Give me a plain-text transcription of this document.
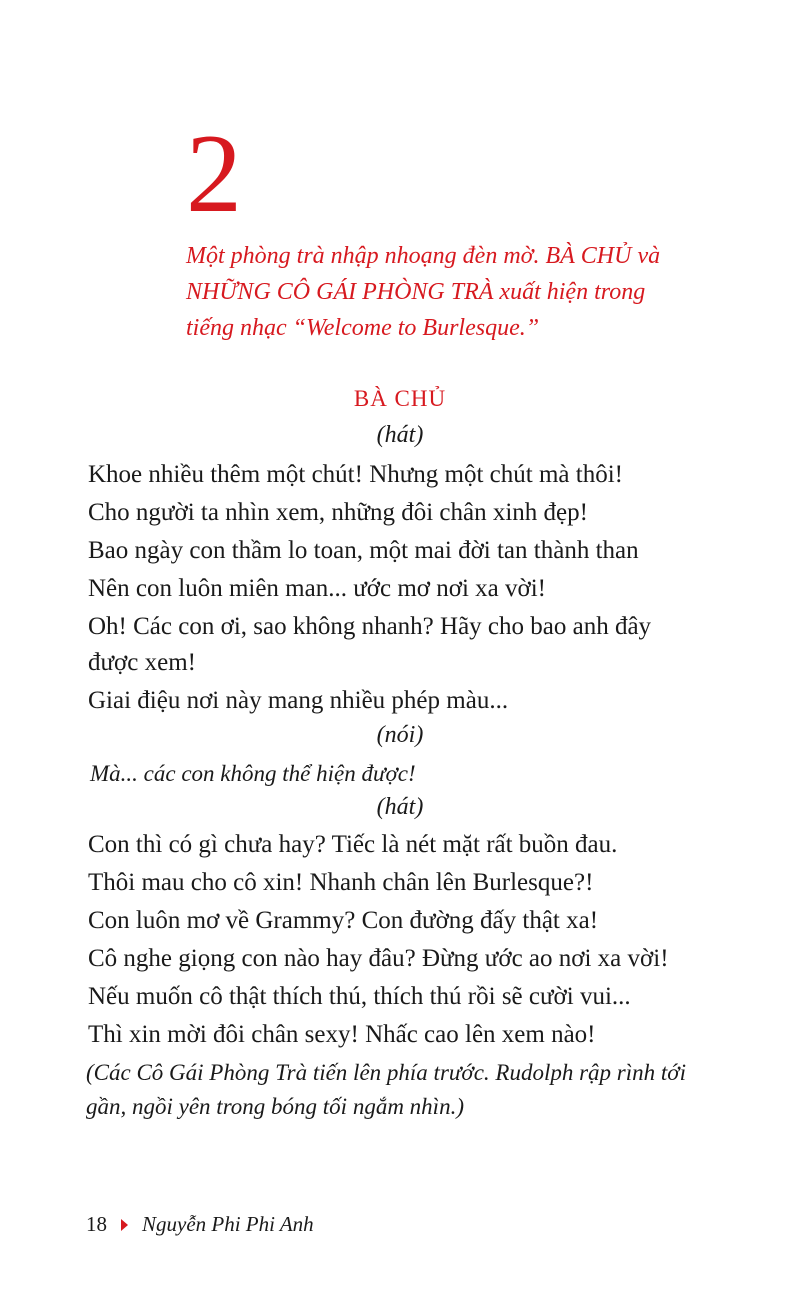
2
Một phòng trà nhập nhoạng đèn mờ. BÀ CHỦ và
NHỮNG CÔ GÁI PHÒNG TRÀ xuất hiện trong
tiếng nhạc “Welcome to Burlesque.”
BÀ CHỦ
(hát)
Khoe nhiều thêm một chút! Nhưng một chút mà thôi!
Cho người ta nhìn xem, những đôi chân xinh đẹp!
Bao ngày con thầm lo toan, một mai đời tan thành than
Nên con luôn miên man... ước mơ nơi xa vời!
Oh! Các con ơi, sao không nhanh? Hãy cho bao anh đây
được xem!
Giai điệu nơi này mang nhiều phép màu...
(nói)
Mà... các con không thể hiện được!
(hát)
Con thì có gì chưa hay? Tiếc là nét mặt rất buồn đau.
Thôi mau cho cô xin! Nhanh chân lên Burlesque?!
Con luôn mơ về Grammy? Con đường đấy thật xa!
Cô nghe giọng con nào hay đâu? Đừng ước ao nơi xa vời!
Nếu muốn cô thật thích thú, thích thú rồi sẽ cười vui...
Thì xin mời đôi chân sexy! Nhấc cao lên xem nào!
(Các Cô Gái Phòng Trà tiến lên phía trước. Rudolph rập rình tới
gần, ngồi yên trong bóng tối ngắm nhìn.)
18 Nguyễn Phi Phi Anh
